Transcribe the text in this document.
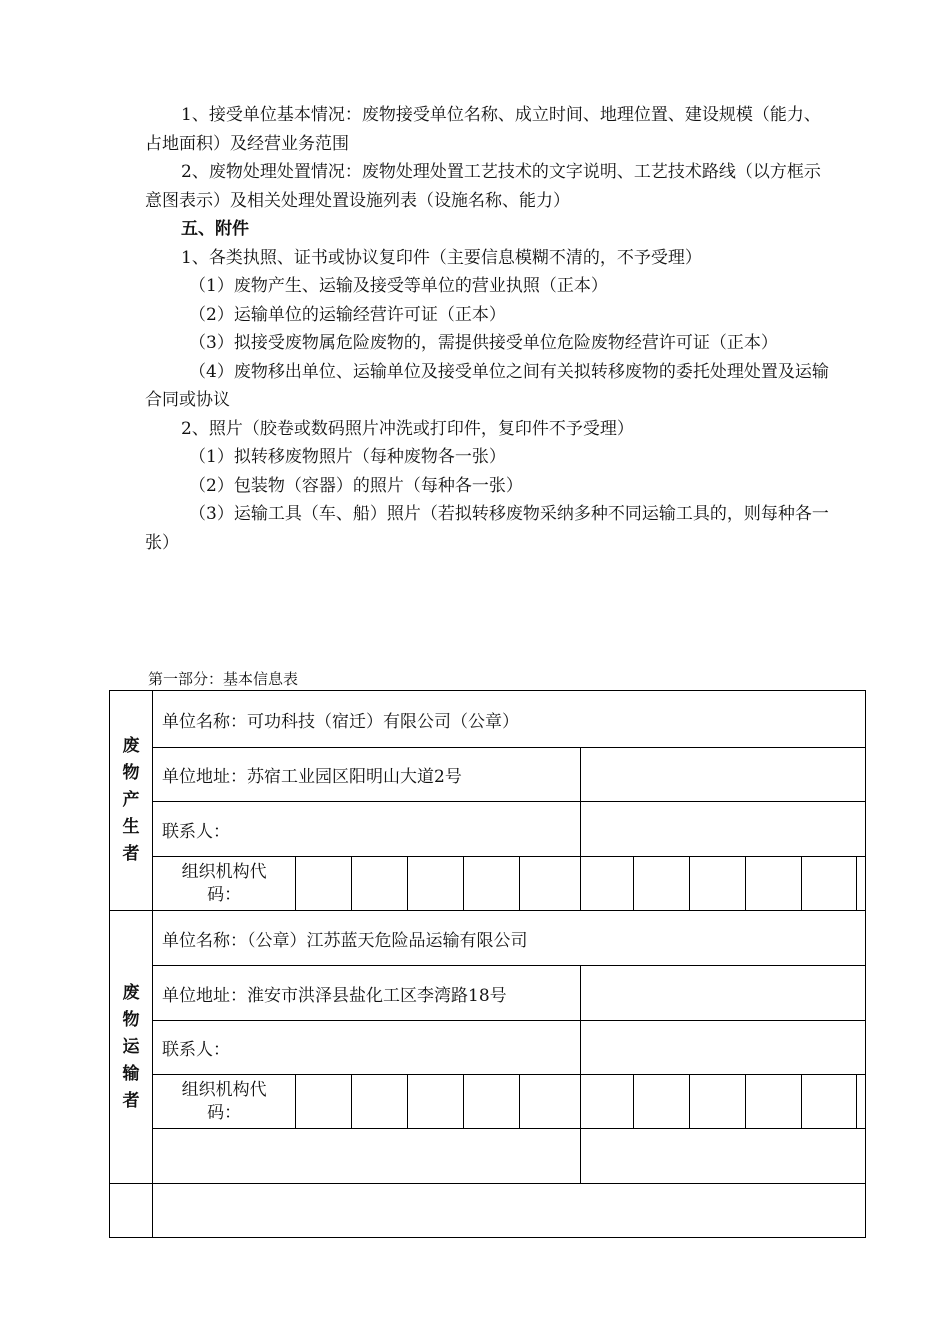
1、接受单位基本情况：废物接受单位名称、成立时间、地理位置、建设规模（能力、占地面积）及经营业务范围

2、废物处理处置情况：废物处理处置工艺技术的文字说明、工艺技术路线（以方框示意图表示）及相关处理处置设施列表（设施名称、能力）

五、附件

1、各类执照、证书或协议复印件（主要信息模糊不清的，不予受理）

（1）废物产生、运输及接受等单位的营业执照（正本）

（2）运输单位的运输经营许可证（正本）

（3）拟接受废物属危险废物的，需提供接受单位危险废物经营许可证（正本）

（4）废物移出单位、运输单位及接受单位之间有关拟转移废物的委托处理处置及运输合同或协议

2、照片（胶卷或数码照片冲洗或打印件，复印件不予受理）

（1）拟转移废物照片（每种废物各一张）

（2）包装物（容器）的照片（每种各一张）

（3）运输工具（车、船）照片（若拟转移废物采纳多种不同运输工具的，则每种各一张）

第一部分：基本信息表
废
物
产
生
者	单位名称：可功科技（宿迁）有限公司（公章）											
	单位地址：苏宿工业园区阳明山大道2号											
	联系人：											
	组织机构代
码：											
废
物
运
输
者	单位名称：（公章）江苏蓝天危险品运输有限公司											
	单位地址：淮安市洪泽县盐化工区李湾路18号											
	联系人：											
	组织机构代
码：											
